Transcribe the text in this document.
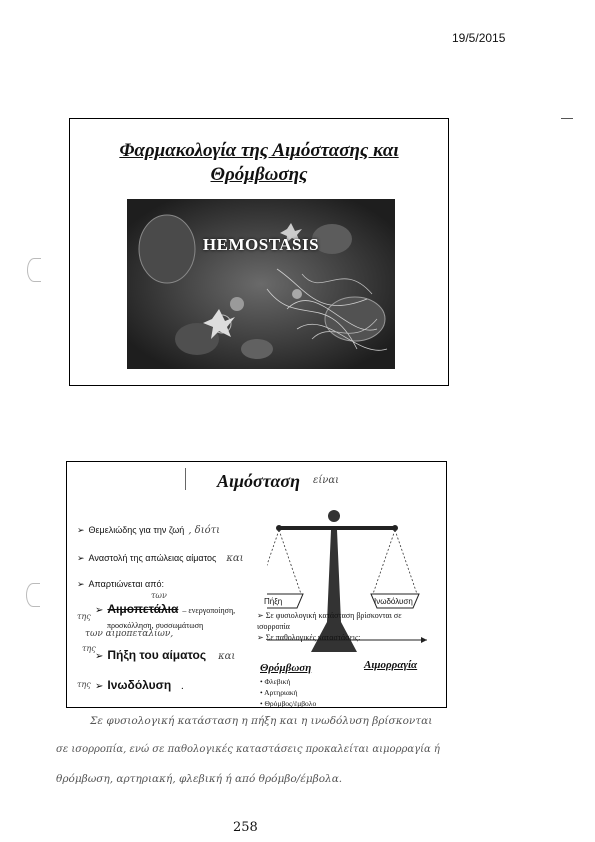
19/5/2015
Φαρμακολογία της Αιμόστασης και
Θρόμβωσης
HEMOSTASIS
Αιμόσταση είναι
➢ Θεμελιώδης για την ζωή , διότι
➢ Αναστολή της απώλειας αίματος και
➢ Απαρτιώνεται από:
των
της
➢ Αιμοπετάλια – ενεργοποίηση,
προσκόλληση, συσσωμάτωση
των αιμοπεταλίων,
της
➢ Πήξη του αίματος και
της ➢ Ινωδόλυση .
Πήξη	Ινωδόλυση
➢ Σε φυσιολογική κατάσταση βρίσκονται σε ισορροπία
➢ Σε παθολογικές καταστάσεις:
Θρόμβωση	Αιμορραγία
• Φλεβική
• Αρτηριακή
• Θρόμβος/έμβολο
Σε φυσιολογική κατάσταση η πήξη και η ινωδόλυση βρίσκονται
σε ισορροπία, ενώ σε παθολογικές καταστάσεις προκαλείται αιμορραγία ή
θρόμβωση, αρτηριακή, φλεβική ή από θρόμβο/έμβολα.
258
